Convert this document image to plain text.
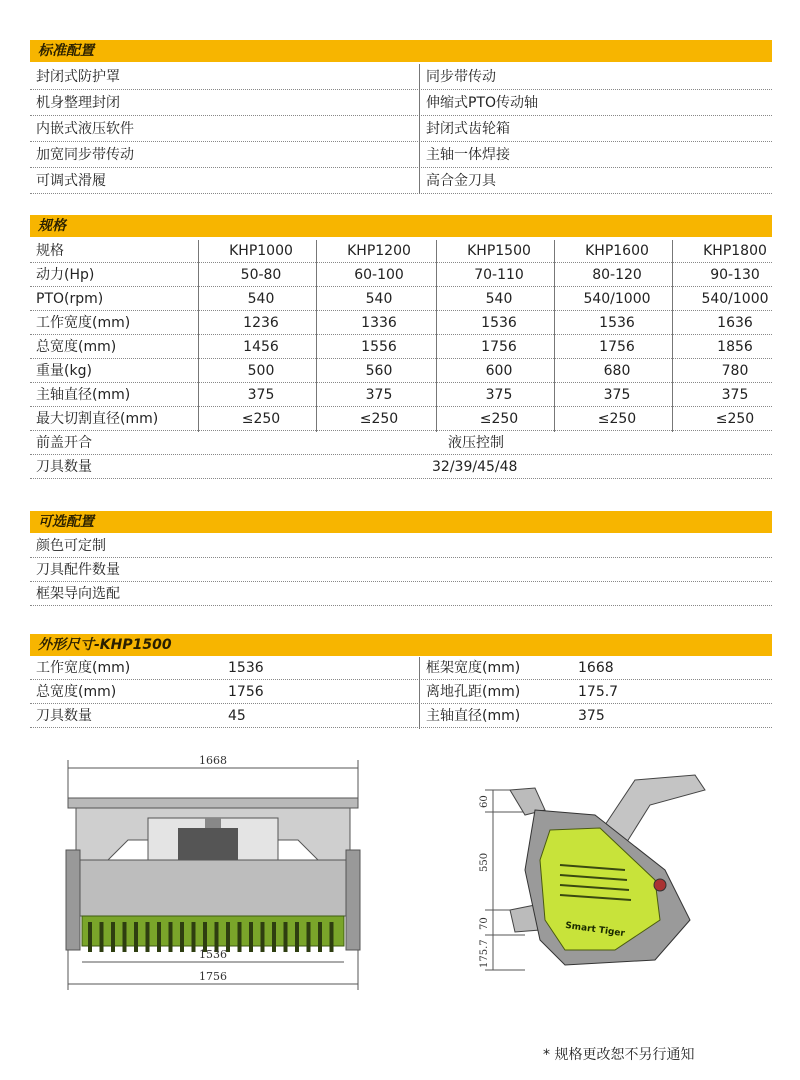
标准配置
封闭式防护罩	同步带传动
机身整理封闭	伸缩式PTO传动轴
内嵌式液压软件	封闭式齿轮箱
加宽同步带传动	主轴一体焊接
可调式滑履	高合金刀具
规格
规格	KHP1000	KHP1200	KHP1500	KHP1600	KHP1800
动力(Hp)	50-80	60-100	70-110	80-120	90-130
PTO(rpm)	540	540	540	540/1000	540/1000
工作宽度(mm)	1236	1336	1536	1536	1636
总宽度(mm)	1456	1556	1756	1756	1856
重量(kg)	500	560	600	680	780
主轴直径(mm)	375	375	375	375	375
最大切割直径(mm)	≤250	≤250	≤250	≤250	≤250
前盖开合	液压控制
刀具数量	32/39/45/48
可选配置
颜色可定制
刀具配件数量
框架导向选配
外形尺寸-KHP1500
工作宽度(mm)	1536	框架宽度(mm)	1668
总宽度(mm)	1756	离地孔距(mm)	175.7
刀具数量	45	主轴直径(mm)	375
1668
1536
1756
60
550
70
175.7
Smart Tiger
* 规格更改恕不另行通知
